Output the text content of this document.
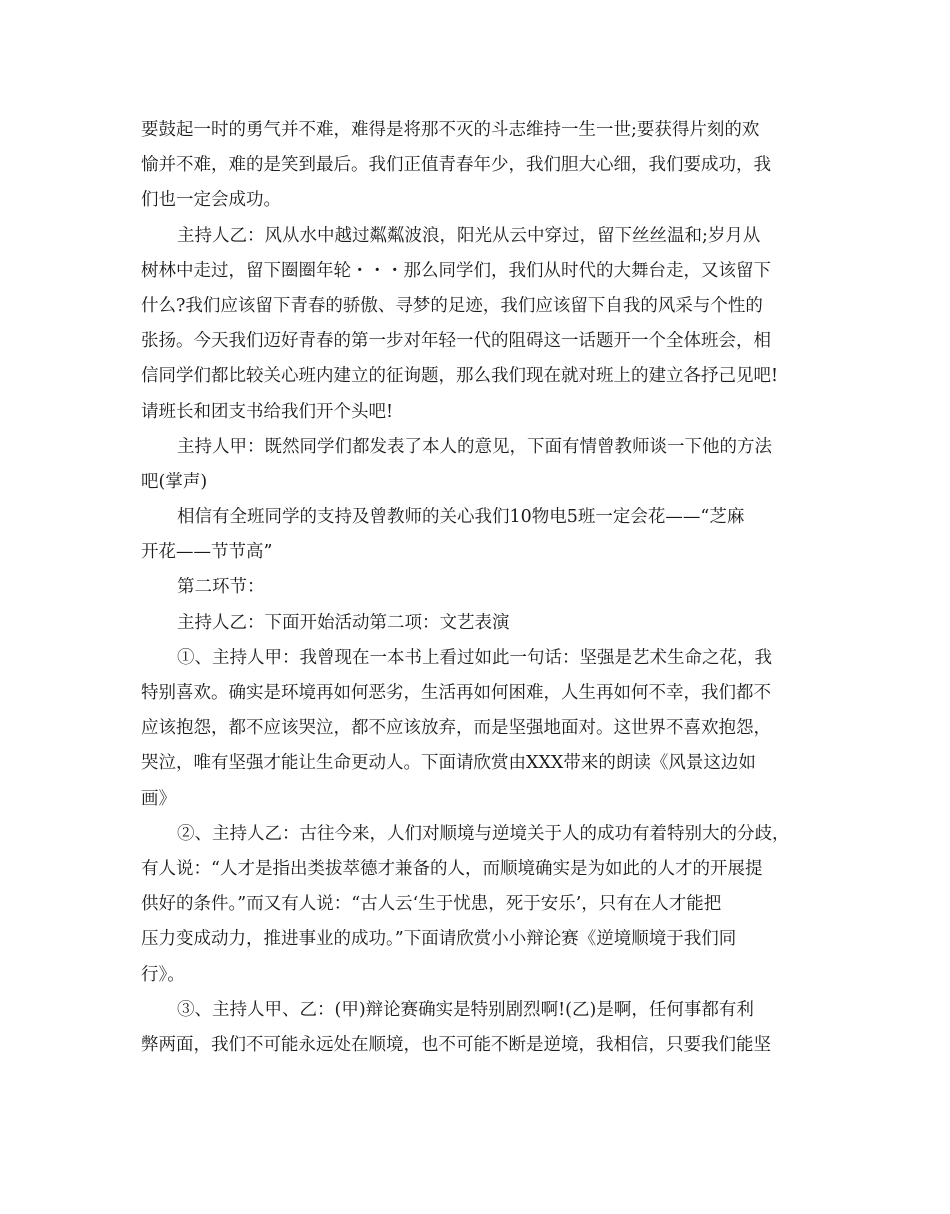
要鼓起一时的勇气并不难，难得是将那不灭的斗志维持一生一世;要获得片刻的欢
愉并不难，难的是笑到最后。我们正值青春年少，我们胆大心细，我们要成功，我
们也一定会成功。
主持人乙：风从水中越过粼粼波浪，阳光从云中穿过，留下丝丝温和;岁月从
树林中走过，留下圈圈年轮・・・那么同学们，我们从时代的大舞台走，又该留下
什么?我们应该留下青春的骄傲、寻梦的足迹，我们应该留下自我的风采与个性的
张扬。今天我们迈好青春的第一步对年轻一代的阻碍这一话题开一个全体班会，相
信同学们都比较关心班内建立的征询题，那么我们现在就对班上的建立各抒己见吧!
请班长和团支书给我们开个头吧!
主持人甲：既然同学们都发表了本人的意见，下面有情曾教师谈一下他的方法
吧(掌声)
相信有全班同学的支持及曾教师的关心我们10物电5班一定会花——“芝麻
开花——节节高”
第二环节：
主持人乙：下面开始活动第二项：文艺表演
①、主持人甲：我曾现在一本书上看过如此一句话：坚强是艺术生命之花，我
特别喜欢。确实是环境再如何恶劣，生活再如何困难，人生再如何不幸，我们都不
应该抱怨，都不应该哭泣，都不应该放弃，而是坚强地面对。这世界不喜欢抱怨，
哭泣，唯有坚强才能让生命更动人。下面请欣赏由XXX带来的朗读《风景这边如
画》
②、主持人乙：古往今来，人们对顺境与逆境关于人的成功有着特别大的分歧，
有人说：“人才是指出类拔萃德才兼备的人，而顺境确实是为如此的人才的开展提
供好的条件。”而又有人说：“古人云‘生于忧患，死于安乐’，只有在人才能把
压力变成动力，推进事业的成功。”下面请欣赏小小辩论赛《逆境顺境于我们同
行》。
③、主持人甲、乙：(甲)辩论赛确实是特别剧烈啊!(乙)是啊，任何事都有利
弊两面，我们不可能永远处在顺境，也不可能不断是逆境，我相信，只要我们能坚
